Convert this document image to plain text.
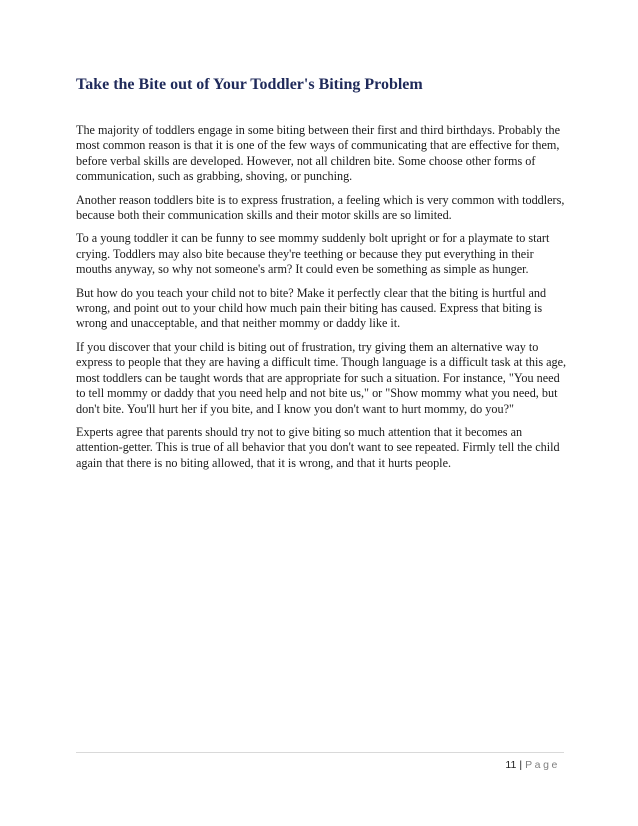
Take the Bite out of Your Toddler's Biting Problem

The majority of toddlers engage in some biting between their first and third birthdays. Probably the most common reason is that it is one of the few ways of communicating that are effective for them, before verbal skills are developed. However, not all children bite. Some choose other forms of communication, such as grabbing, shoving, or punching.

Another reason toddlers bite is to express frustration, a feeling which is very common with toddlers, because both their communication skills and their motor skills are so limited.

To a young toddler it can be funny to see mommy suddenly bolt upright or for a playmate to start crying. Toddlers may also bite because they're teething or because they put everything in their mouths anyway, so why not someone's arm? It could even be something as simple as hunger.

But how do you teach your child not to bite? Make it perfectly clear that the biting is hurtful and wrong, and point out to your child how much pain their biting has caused. Express that biting is wrong and unacceptable, and that neither mommy or daddy like it.

If you discover that your child is biting out of frustration, try giving them an alternative way to express to people that they are having a difficult time. Though language is a difficult task at this age, most toddlers can be taught words that are appropriate for such a situation. For instance, "You need to tell mommy or daddy that you need help and not bite us," or "Show mommy what you need, but don't bite. You'll hurt her if you bite, and I know you don't want to hurt mommy, do you?"

Experts agree that parents should try not to give biting so much attention that it becomes an attention-getter. This is true of all behavior that you don't want to see repeated. Firmly tell the child again that there is no biting allowed, that it is wrong, and that it hurts people.

11 | Page
